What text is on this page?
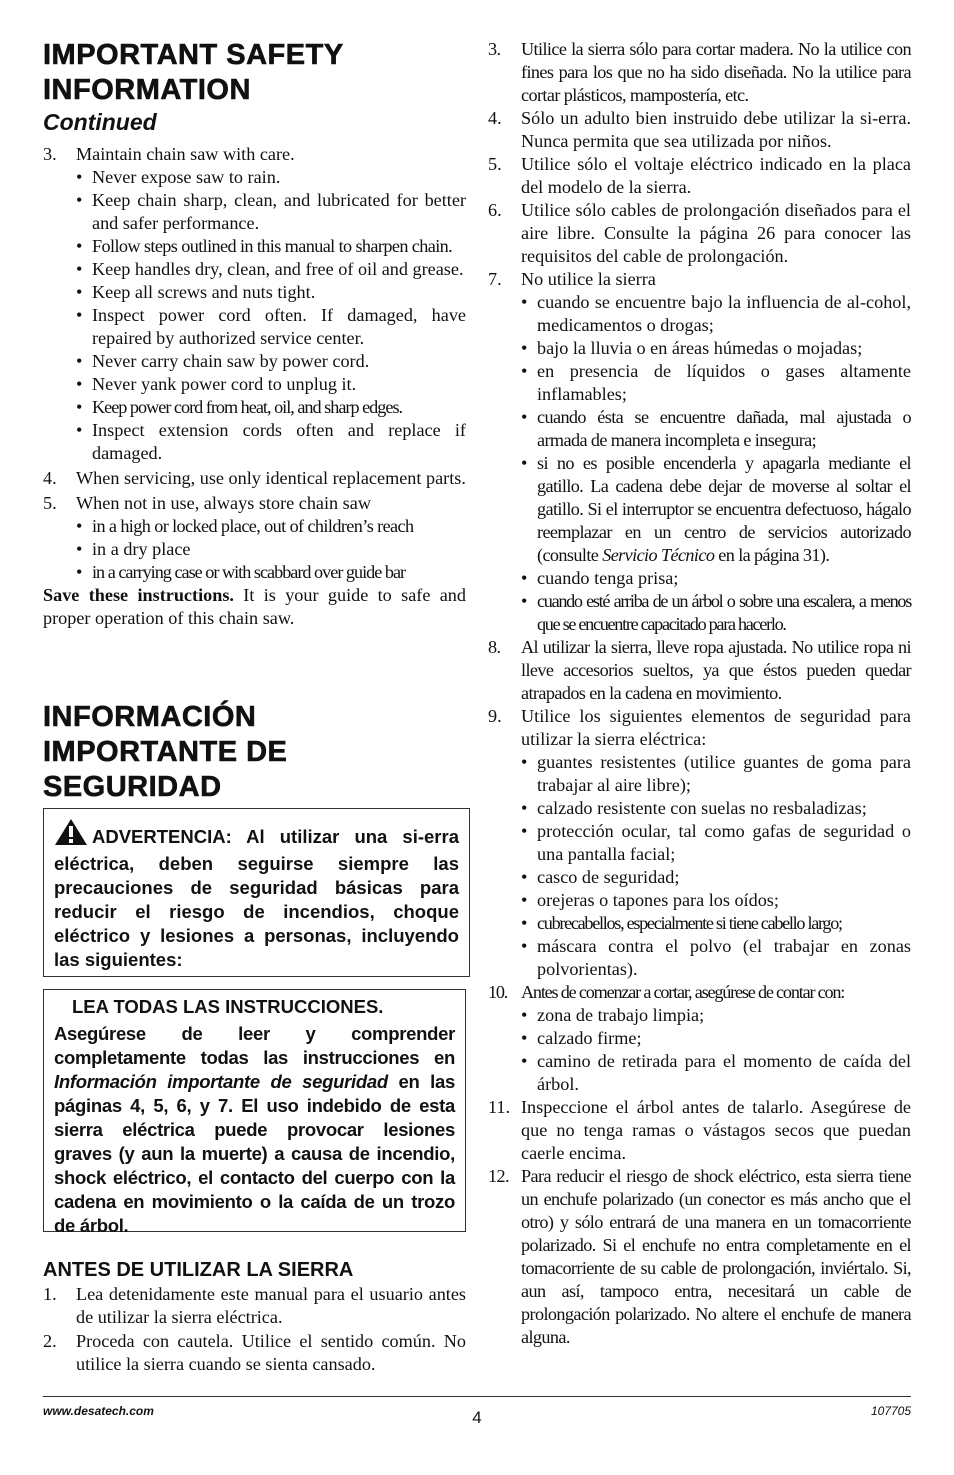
IMPORTANT SAFETY
INFORMATION
Continued
3. Maintain chain saw with care.
• Never expose saw to rain.
• Keep chain sharp, clean, and lubricated for better and safer performance.
• Follow steps outlined in this manual to sharpen chain.
• Keep handles dry, clean, and free of oil and grease.
• Keep all screws and nuts tight.
• Inspect power cord often. If damaged, have repaired by authorized service center.
• Never carry chain saw by power cord.
• Never yank power cord to unplug it.
• Keep power cord from heat, oil, and sharp edges.
• Inspect extension cords often and replace if damaged.
4. When servicing, use only identical replacement parts.
5. When not in use, always store chain saw
• in a high or locked place, out of children’s reach
• in a dry place
• in a carrying case or with scabbard over guide bar
Save these instructions. It is your guide to safe and proper operation of this chain saw.
INFORMACIÓN
IMPORTANTE DE
SEGURIDAD
ADVERTENCIA: Al utilizar una si-erra eléctrica, deben seguirse siempre las precauciones de seguridad básicas para reducir el riesgo de incendios, choque eléctrico y lesiones a personas, incluyendo las siguientes:
LEA TODAS LAS INSTRUCCIONES.
Asegúrese de leer y comprender completamente todas las instrucciones en Información importante de seguridad en las páginas 4, 5, 6, y 7. El uso indebido de esta sierra eléctrica puede provocar lesiones graves (y aun la muerte) a causa de incendio, shock eléctrico, el contacto del cuerpo con la cadena en movimiento o la caída de un trozo de árbol.
ANTES DE UTILIZAR LA SIERRA
1. Lea detenidamente este manual para el usuario antes de utilizar la sierra eléctrica.
2. Proceda con cautela. Utilice el sentido común. No utilice la sierra cuando se sienta cansado.
3. Utilice la sierra sólo para cortar madera. No la utilice con fines para los que no ha sido diseñada. No la utilice para cortar plásticos, mampostería, etc.
4. Sólo un adulto bien instruido debe utilizar la si-erra. Nunca permita que sea utilizada por niños.
5. Utilice sólo el voltaje eléctrico indicado en la placa del modelo de la sierra.
6. Utilice sólo cables de prolongación diseñados para el aire libre. Consulte la página 26 para conocer las requisitos del cable de prolongación.
7. No utilice la sierra
• cuando se encuentre bajo la influencia de al-cohol, medicamentos o drogas;
• bajo la lluvia o en áreas húmedas o mojadas;
• en presencia de líquidos o gases altamente inflamables;
• cuando ésta se encuentre dañada, mal ajustada o armada de manera incompleta e insegura;
• si no es posible encenderla y apagarla mediante el gatillo. La cadena debe dejar de moverse al soltar el gatillo. Si el interruptor se encuentra defectuoso, hágalo reemplazar en un centro de servicios autorizado (consulte Servicio Técnico en la página 31).
• cuando tenga prisa;
• cuando esté arriba de un árbol o sobre una escalera, a menos que se encuentre capacitado para hacerlo.
8. Al utilizar la sierra, lleve ropa ajustada. No utilice ropa ni lleve accesorios sueltos, ya que éstos pueden quedar atrapados en la cadena en movimiento.
9. Utilice los siguientes elementos de seguridad para utilizar la sierra eléctrica:
• guantes resistentes (utilice guantes de goma para trabajar al aire libre);
• calzado resistente con suelas no resbaladizas;
• protección ocular, tal como gafas de seguridad o una pantalla facial;
• casco de seguridad;
• orejeras o tapones para los oídos;
• cubrecabellos, especialmente si tiene cabello largo;
• máscara contra el polvo (el trabajar en zonas polvorientas).
10. Antes de comenzar a cortar, asegúrese de contar con:
• zona de trabajo limpia;
• calzado firme;
• camino de retirada para el momento de caída del árbol.
11. Inspeccione el árbol antes de talarlo. Asegúrese de que no tenga ramas o vástagos secos que puedan caerle encima.
12. Para reducir el riesgo de shock eléctrico, esta sierra tiene un enchufe polarizado (un conector es más ancho que el otro) y sólo entrará de una manera en un tomacorriente polarizado. Si el enchufe no entra completamente en el tomacorriente de su cable de prolongación, inviértalo. Si, aun así, tampoco entra, necesitará un cable de prolongación polarizado. No altere el enchufe de manera alguna.
www.desatech.com	4	107705
